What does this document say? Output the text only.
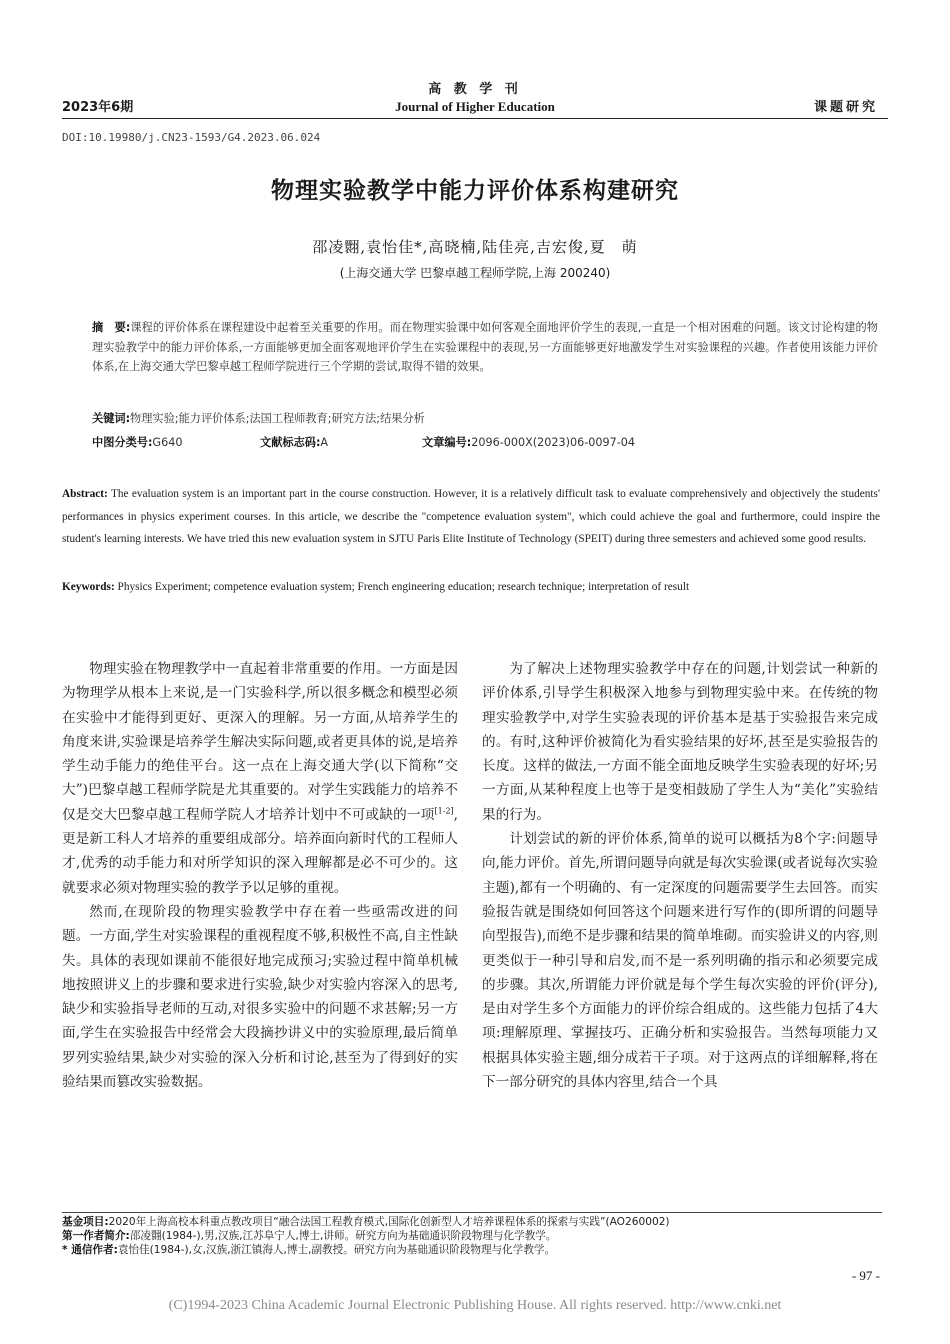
2023年6期
高 教 学 刊
Journal of Higher Education	课题研究
DOI:10.19980/j.CN23-1593/G4.2023.06.024
物理实验教学中能力评价体系构建研究
邵凌翾,袁怡佳*,高晓楠,陆佳亮,吉宏俊,夏　萌
(上海交通大学 巴黎卓越工程师学院,上海 200240)
摘　要:课程的评价体系在课程建设中起着至关重要的作用。而在物理实验课中如何客观全面地评价学生的表现,一直是一个相对困难的问题。该文讨论构建的物理实验教学中的能力评价体系,一方面能够更加全面客观地评价学生在实验课程中的表现,另一方面能够更好地激发学生对实验课程的兴趣。作者使用该能力评价体系,在上海交通大学巴黎卓越工程师学院进行三个学期的尝试,取得不错的效果。
关键词:物理实验;能力评价体系;法国工程师教育;研究方法;结果分析
中图分类号:G640	文献标志码:A	文章编号:2096-000X(2023)06-0097-04
Abstract: The evaluation system is an important part in the course construction. However, it is a relatively difficult task to evaluate comprehensively and objectively the students' performances in physics experiment courses. In this article, we describe the "competence evaluation system", which could achieve the goal and furthermore, could inspire the student's learning interests. We have tried this new evaluation system in SJTU Paris Elite Institute of Technology (SPEIT) during three semesters and achieved some good results.
Keywords: Physics Experiment; competence evaluation system; French engineering education; research technique; interpretation of result

物理实验在物理教学中一直起着非常重要的作用。一方面是因为物理学从根本上来说,是一门实验科学,所以很多概念和模型必须在实验中才能得到更好、更深入的理解。另一方面,从培养学生的角度来讲,实验课是培养学生解决实际问题,或者更具体的说,是培养学生动手能力的绝佳平台。这一点在上海交通大学(以下简称“交大”)巴黎卓越工程师学院是尤其重要的。对学生实践能力的培养不仅是交大巴黎卓越工程师学院人才培养计划中不可或缺的一项[1-2],更是新工科人才培养的重要组成部分。培养面向新时代的工程师人才,优秀的动手能力和对所学知识的深入理解都是必不可少的。这就要求必须对物理实验的教学予以足够的重视。

然而,在现阶段的物理实验教学中存在着一些亟需改进的问题。一方面,学生对实验课程的重视程度不够,积极性不高,自主性缺失。具体的表现如课前不能很好地完成预习;实验过程中简单机械地按照讲义上的步骤和要求进行实验,缺少对实验内容深入的思考,缺少和实验指导老师的互动,对很多实验中的问题不求甚解;另一方面,学生在实验报告中经常会大段摘抄讲义中的实验原理,最后简单罗列实验结果,缺少对实验的深入分析和讨论,甚至为了得到好的实验结果而篡改实验数据。

为了解决上述物理实验教学中存在的问题,计划尝试一种新的评价体系,引导学生积极深入地参与到物理实验中来。在传统的物理实验教学中,对学生实验表现的评价基本是基于实验报告来完成的。有时,这种评价被简化为看实验结果的好坏,甚至是实验报告的长度。这样的做法,一方面不能全面地反映学生实验表现的好坏;另一方面,从某种程度上也等于是变相鼓励了学生人为“美化”实验结果的行为。

计划尝试的新的评价体系,简单的说可以概括为8个字:问题导向,能力评价。首先,所谓问题导向就是每次实验课(或者说每次实验主题),都有一个明确的、有一定深度的问题需要学生去回答。而实验报告就是围绕如何回答这个问题来进行写作的(即所谓的问题导向型报告),而绝不是步骤和结果的简单堆砌。而实验讲义的内容,则更类似于一种引导和启发,而不是一系列明确的指示和必须要完成的步骤。其次,所谓能力评价就是每个学生每次实验的评价(评分),是由对学生多个方面能力的评价综合组成的。这些能力包括了4大项:理解原理、掌握技巧、正确分析和实验报告。当然每项能力又根据具体实验主题,细分成若干子项。对于这两点的详细解释,将在下一部分研究的具体内容里,结合一个具

基金项目:2020年上海高校本科重点教改项目“融合法国工程教育模式,国际化创新型人才培养课程体系的探索与实践”(AO260002)
第一作者简介:邵凌翾(1984-),男,汉族,江苏阜宁人,博士,讲师。研究方向为基础通识阶段物理与化学教学。
* 通信作者:袁怡佳(1984-),女,汉族,浙江镇海人,博士,副教授。研究方向为基础通识阶段物理与化学教学。
- 97 -
(C)1994-2023 China Academic Journal Electronic Publishing House. All rights reserved. http://www.cnki.net
